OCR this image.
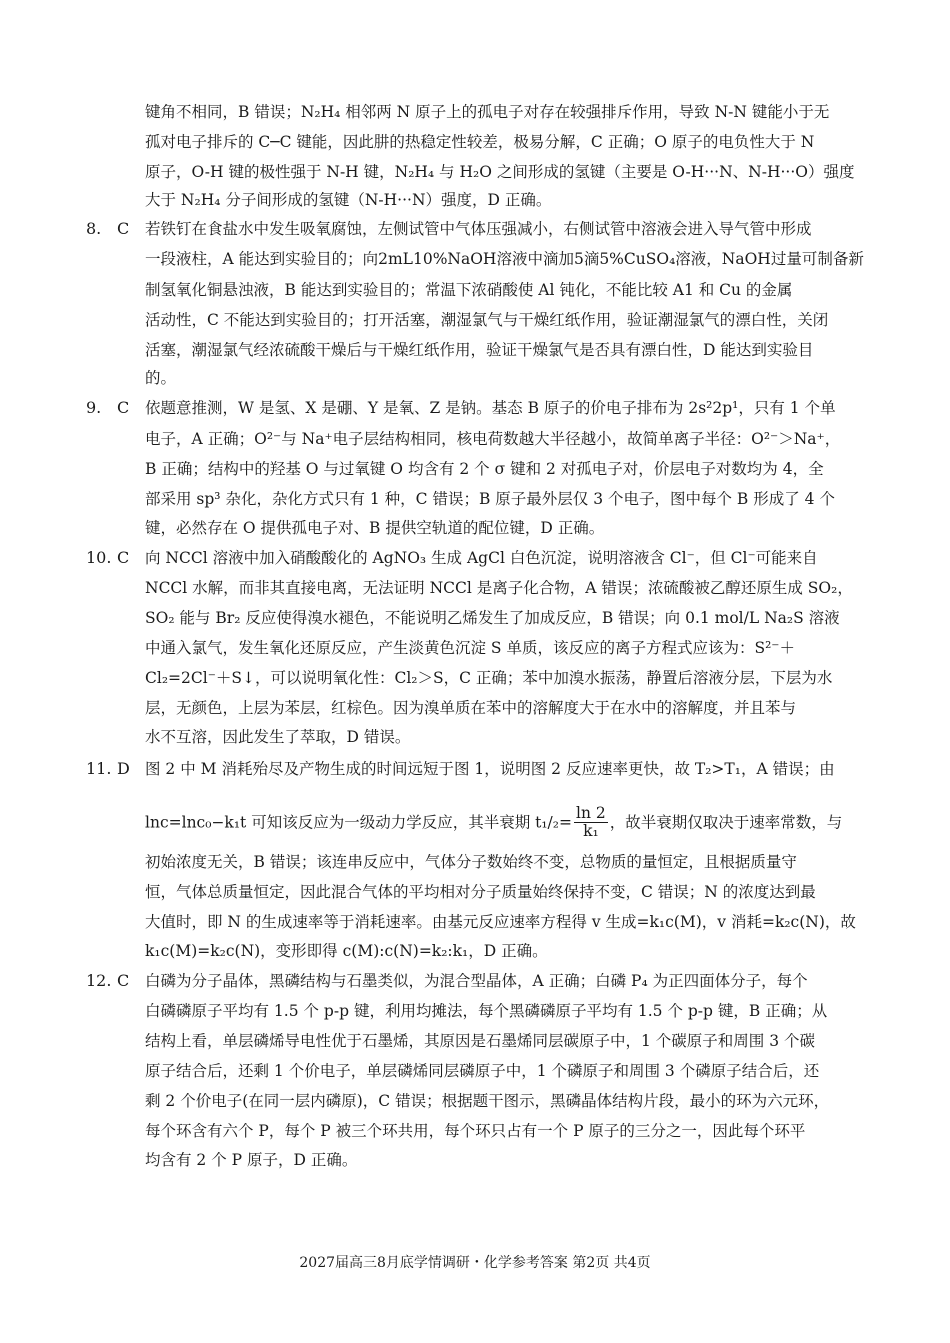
键角不相同，B 错误；N₂H₄ 相邻两 N 原子上的孤电子对存在较强排斥作用，导致 N-N 键能小于无
孤对电子排斥的 C─C 键能，因此肼的热稳定性较差，极易分解，C 正确；O 原子的电负性大于 N
原子，O-H 键的极性强于 N-H 键，N₂H₄ 与 H₂O 之间形成的氢键（主要是 O-H···N、N-H···O）强度
大于 N₂H₄ 分子间形成的氢键（N-H···N）强度，D 正确。
8. C 若铁钉在食盐水中发生吸氧腐蚀，左侧试管中气体压强减小，右侧试管中溶液会进入导气管中形成
一段液柱，A 能达到实验目的；向2mL10%NaOH溶液中滴加5滴5%CuSO₄溶液，NaOH过量可制备新
制氢氧化铜悬浊液，B 能达到实验目的；常温下浓硝酸使 Al 钝化，不能比较 A1 和 Cu 的金属
活动性，C 不能达到实验目的；打开活塞，潮湿氯气与干燥红纸作用，验证潮湿氯气的漂白性，关闭
活塞，潮湿氯气经浓硫酸干燥后与干燥红纸作用，验证干燥氯气是否具有漂白性，D 能达到实验目
的。
9. C 依题意推测，W 是氢、X 是硼、Y 是氧、Z 是钠。基态 B 原子的价电子排布为 2s²2p¹，只有 1 个单
电子，A 正确；O²⁻与 Na⁺电子层结构相同，核电荷数越大半径越小，故简单离子半径：O²⁻＞Na⁺，
B 正确；结构中的羟基 O 与过氧键 O 均含有 2 个 σ 键和 2 对孤电子对，价层电子对数均为 4，全
部采用 sp³ 杂化，杂化方式只有 1 种，C 错误；B 原子最外层仅 3 个电子，图中每个 B 形成了 4 个
键，必然存在 O 提供孤电子对、B 提供空轨道的配位键，D 正确。
10. C 向 NCCl 溶液中加入硝酸酸化的 AgNO₃ 生成 AgCl 白色沉淀，说明溶液含 Cl⁻，但 Cl⁻可能来自
NCCl 水解，而非其直接电离，无法证明 NCCl 是离子化合物，A 错误；浓硫酸被乙醇还原生成 SO₂，
SO₂ 能与 Br₂ 反应使得溴水褪色，不能说明乙烯发生了加成反应，B 错误；向 0.1 mol/L Na₂S 溶液
中通入氯气，发生氧化还原反应，产生淡黄色沉淀 S 单质，该反应的离子方程式应该为：S²⁻＋
Cl₂=2Cl⁻＋S↓，可以说明氧化性：Cl₂＞S，C 正确；苯中加溴水振荡，静置后溶液分层，下层为水
层，无颜色，上层为苯层，红棕色。因为溴单质在苯中的溶解度大于在水中的溶解度，并且苯与
水不互溶，因此发生了萃取，D 错误。
11. D 图 2 中 M 消耗殆尽及产物生成的时间远短于图 1，说明图 2 反应速率更快，故 T₂>T₁，A 错误；由
lnc=lnc₀−k₁t 可知该反应为一级动力学反应，其半衰期 $t_1/_2= \frac{\ln 2}{\text{k₁}}$ ，故半衰期仅取决于速率常数，与
初始浓度无关，B 错误；该连串反应中，气体分子数始终不变，总物质的量恒定，且根据质量守
恒，气体总质量恒定，因此混合气体的平均相对分子质量始终保持不变，C 错误；N 的浓度达到最
大值时，即 N 的生成速率等于消耗速率。由基元反应速率方程得 v 生成=k₁c(M)，v 消耗=k₂c(N)，故
k₁c(M)=k₂c(N)，变形即得 c(M):c(N)=k₂:k₁，D 正确。
12. C 白磷为分子晶体，黑磷结构与石墨类似，为混合型晶体，A 正确；白磷 P₄ 为正四面体分子，每个
白磷磷原子平均有 1.5 个 p-p 键，利用均摊法，每个黑磷磷原子平均有 1.5 个 p-p 键，B 正确；从
结构上看，单层磷烯导电性优于石墨烯，其原因是石墨烯同层碳原子中，1 个碳原子和周围 3 个碳
原子结合后，还剩 1 个价电子，单层磷烯同层磷原子中，1 个磷原子和周围 3 个磷原子结合后，还
剩 2 个价电子(在同一层内磷原)，C 错误；根据题干图示，黑磷晶体结构片段，最小的环为六元环，
每个环含有六个 P，每个 P 被三个环共用，每个环只占有一个 P 原子的三分之一，因此每个环平
均含有 2 个 P 原子，D 正确。
2027届高三8月底学情调研・化学参考答案 第2页 共4页
